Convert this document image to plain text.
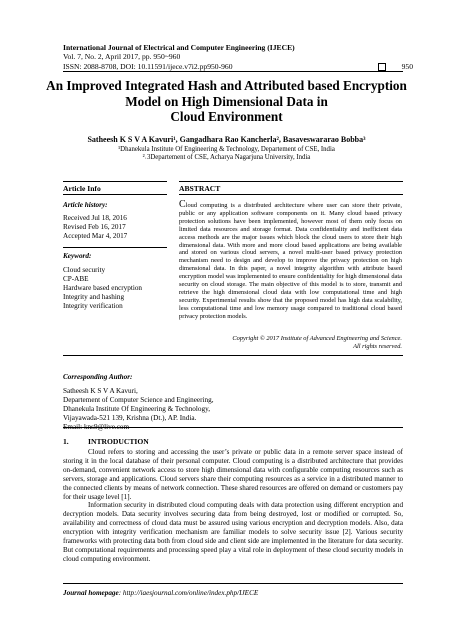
International Journal of Electrical and Computer Engineering (IJECE)
Vol. 7, No. 2, April 2017, pp. 950~960
ISSN: 2088-8708, DOI: 10.11591/ijece.v7i2.pp950-960	950
An Improved Integrated Hash and Attributed based Encryption
Model on High Dimensional Data in
Cloud Environment
Satheesh K S V A Kavuri¹, Gangadhara Rao Kancherla², Basaveswararao Bobba³
¹Dhanekula Institute Of Engineering & Technology, Departement of CSE, India
²˒3Departement of CSE, Acharya Nagarjuna University, India
Article Info	ABSTRACT
Article history:
Received Jul 18, 2016
Revised Feb 16, 2017
Accepted Mar 4, 2017
Keyword:
Cloud security
CP-ABE
Hardware based encryption
Integrity and hashing
Integrity verification
Cloud computing is a distributed architecture where user can store their private, public or any application software components on it. Many cloud based privacy protection solutions have been implemented, however most of them only focus on limited data resources and storage format. Data confidentiality and inefficient data access methods are the major issues which block the cloud users to store their high dimensional data. With more and more cloud based applications are being available and stored on various cloud servers, a novel multi-user based privacy protection mechanism need to design and develop to improve the privacy protection on high dimensional data. In this paper, a novel integrity algorithm with attribute based encryption model was implemented to ensure confidentiality for high dimensional data security on cloud storage. The main objective of this model is to store, transmit and retrieve the high dimensional cloud data with low computational time and high security. Experimental results show that the proposed model has high data scalability, less computational time and low memory usage compared to traditional cloud based privacy protection models.
Copyright © 2017 Institute of Advanced Engineering and Science.
All rights reserved.
Corresponding Author:
Satheesh K S V A Kavuri,
Departement of Computer Science and Engineering,
Dhanekula Institute Of Engineering & Technology,
Vijayawada-521 139, Krishna (Dt.), AP. India.
Email: kns9@live.com
1.	INTRODUCTION

Cloud refers to storing and accessing the user’s private or public data in a remote server space instead of storing it in the local database of their personal computer. Cloud computing is a distributed architecture that provides on-demand, convenient network access to store high dimensional data with configurable computing resources such as servers, storage and applications. Cloud servers share their computing resources as a service in a distributed manner to the connected clients by means of network connection. These shared resources are offered on demand or customers pay for their usage level [1].

Information security in distributed cloud computing deals with data protection using different encryption and decryption models. Data security involves securing data from being destroyed, lost or modified or corrupted. So, availability and correctness of cloud data must be assured using various encryption and decryption models. Also, data encryption with integrity verification mechanism are familiar models to solve security issue [2]. Various security frameworks with protecting data both from cloud side and client side are implemented in the literature for data security. But computational requirements and processing speed play a vital role in deployment of these cloud security models in cloud computing environment.

Journal homepage: http://iaesjournal.com/online/index.php/IJECE
